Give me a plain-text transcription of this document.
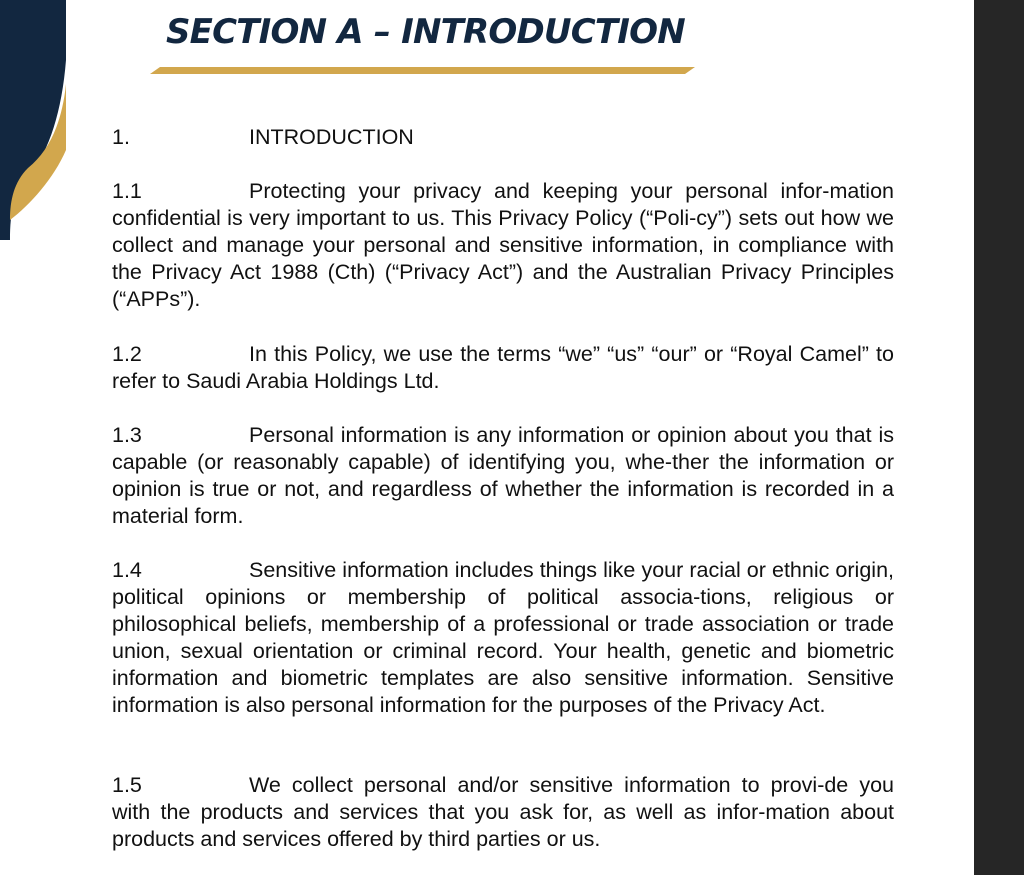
SECTION A – INTRODUCTION

1.	INTRODUCTION

1.1	Protecting your privacy and keeping your personal infor-mation confidential is very important to us. This Privacy Policy (“Poli-cy”) sets out how we collect and manage your personal and sensitive information, in compliance with the Privacy Act 1988 (Cth) (“Privacy Act”) and the Australian Privacy Principles (“APPs”).

1.2	In this Policy, we use the terms “we” “us” “our” or “Royal Camel” to refer to Saudi Arabia Holdings Ltd.

1.3	Personal information is any information or opinion about you that is capable (or reasonably capable) of identifying you, whe-ther the information or opinion is true or not, and regardless of whether the information is recorded in a material form.

1.4	Sensitive information includes things like your racial or ethnic origin, political opinions or membership of political associa-tions, religious or philosophical beliefs, membership of a professional or trade association or trade union, sexual orientation or criminal record. Your health, genetic and biometric information and biometric templates are also sensitive information. Sensitive information is also personal information for the purposes of the Privacy Act.

1.5	We collect personal and/or sensitive information to provi-de you with the products and services that you ask for, as well as infor-mation about products and services offered by third parties or us.
